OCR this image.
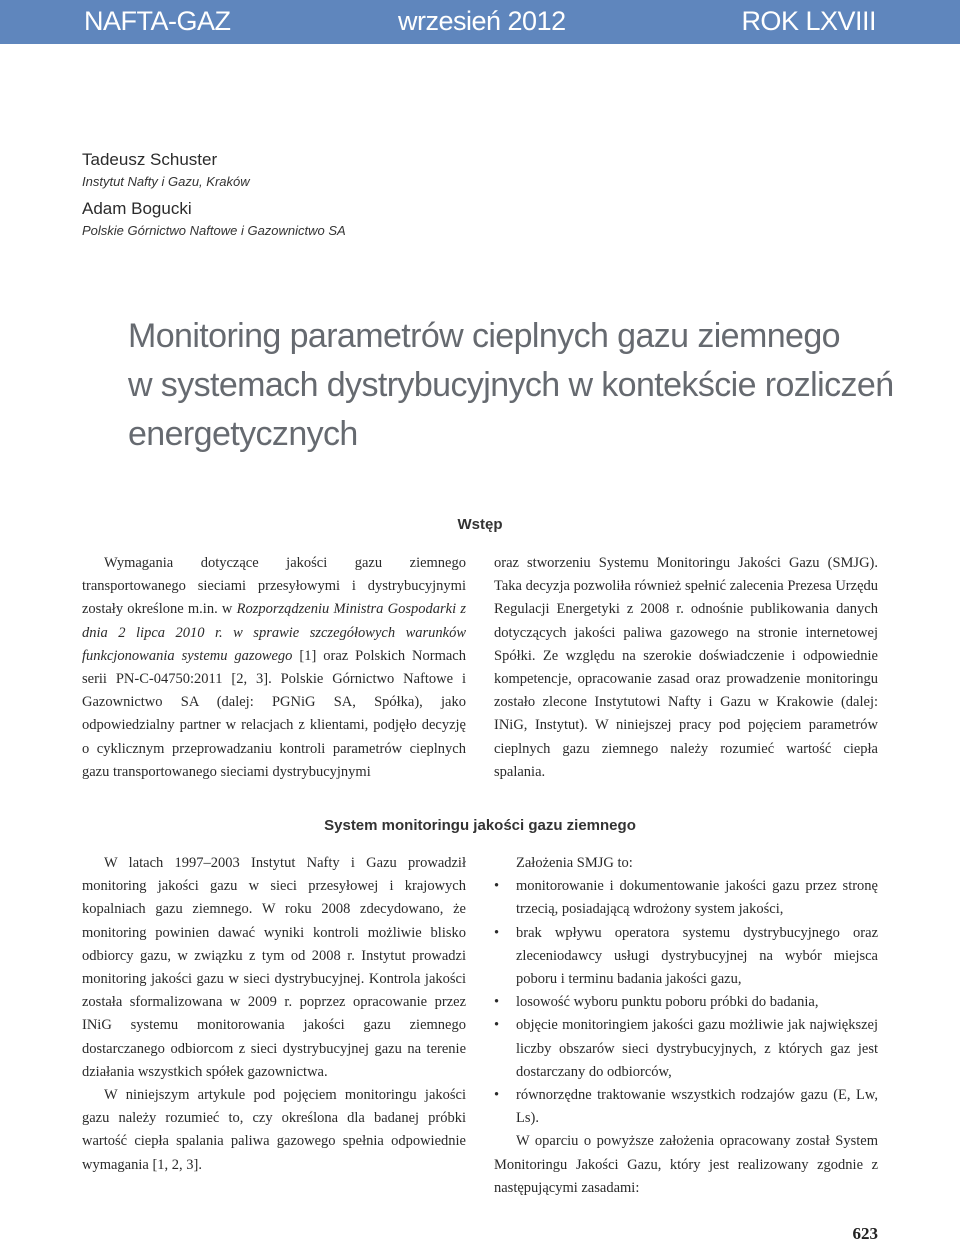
NAFTA-GAZ	wrzesień 2012	ROK LXVIII
Tadeusz Schuster
Instytut Nafty i Gazu, Kraków
Adam Bogucki
Polskie Górnictwo Naftowe i Gazownictwo SA
Monitoring parametrów cieplnych gazu ziemnego
w systemach dystrybucyjnych w kontekście rozliczeń
energetycznych
Wstęp

Wymagania dotyczące jakości gazu ziemnego transportowanego sieciami przesyłowymi i dystrybucyjnymi zostały określone m.in. w Rozporządzeniu Ministra Gospodarki z dnia 2 lipca 2010 r. w sprawie szczegółowych warunków funkcjonowania systemu gazowego [1] oraz Polskich Normach serii PN-C-04750:2011 [2, 3]. Polskie Górnictwo Naftowe i Gazownictwo SA (dalej: PGNiG SA, Spółka), jako odpowiedzialny partner w relacjach z klientami, podjęło decyzję o cyklicznym przeprowadzaniu kontroli parametrów cieplnych gazu transportowanego sieciami dystrybucyjnymi

oraz stworzeniu Systemu Monitoringu Jakości Gazu (SMJG). Taka decyzja pozwoliła również spełnić zalecenia Prezesa Urzędu Regulacji Energetyki z 2008 r. odnośnie publikowania danych dotyczących jakości paliwa gazowego na stronie internetowej Spółki. Ze względu na szerokie doświadczenie i odpowiednie kompetencje, opracowanie zasad oraz prowadzenie monitoringu zostało zlecone Instytutowi Nafty i Gazu w Krakowie (dalej: INiG, Instytut). W niniejszej pracy pod pojęciem parametrów cieplnych gazu ziemnego należy rozumieć wartość ciepła spalania.

System monitoringu jakości gazu ziemnego

W latach 1997–2003 Instytut Nafty i Gazu prowadził monitoring jakości gazu w sieci przesyłowej i krajowych kopalniach gazu ziemnego. W roku 2008 zdecydowano, że monitoring powinien dawać wyniki kontroli możliwie blisko odbiorcy gazu, w związku z tym od 2008 r. Instytut prowadzi monitoring jakości gazu w sieci dystrybucyjnej. Kontrola jakości została sformalizowana w 2009 r. poprzez opracowanie przez INiG systemu monitorowania jakości gazu ziemnego dostarczanego odbiorcom z sieci dystrybucyjnej gazu na terenie działania wszystkich spółek gazownictwa.

W niniejszym artykule pod pojęciem monitoringu jakości gazu należy rozumieć to, czy określona dla badanej próbki wartość ciepła spalania paliwa gazowego spełnia odpowiednie wymagania [1, 2, 3].

Założenia SMJG to:

• monitorowanie i dokumentowanie jakości gazu przez stronę trzecią, posiadającą wdrożony system jakości,
• brak wpływu operatora systemu dystrybucyjnego oraz zleceniodawcy usługi dystrybucyjnej na wybór miejsca poboru i terminu badania jakości gazu,
• losowość wyboru punktu poboru próbki do badania,
• objęcie monitoringiem jakości gazu możliwie jak największej liczby obszarów sieci dystrybucyjnych, z których gaz jest dostarczany do odbiorców,
• równorzędne traktowanie wszystkich rodzajów gazu (E, Lw, Ls).

W oparciu o powyższe założenia opracowany został System Monitoringu Jakości Gazu, który jest realizowany zgodnie z następującymi zasadami:

623
